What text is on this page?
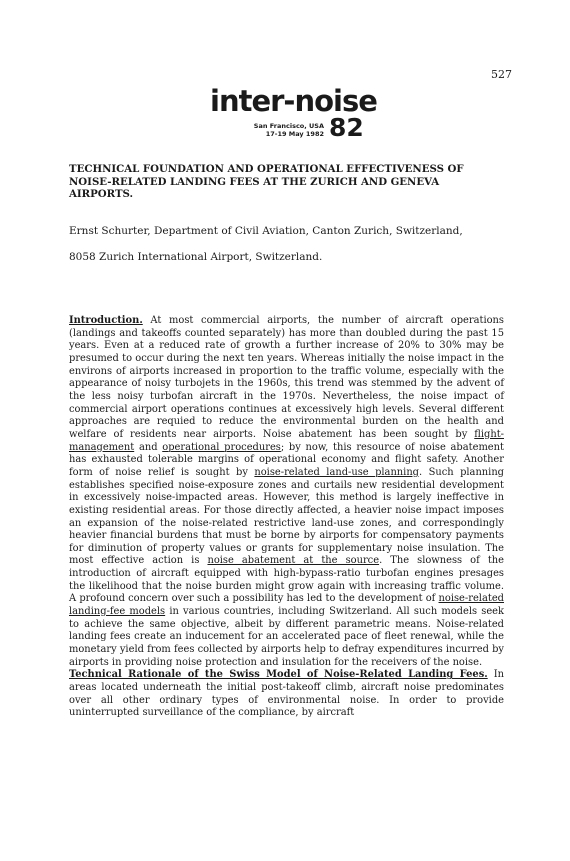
527
inter-noise
San Francisco, USA
17-19 May 1982 82
TECHNICAL FOUNDATION AND OPERATIONAL EFFECTIVENESS OF NOISE-RELATED LANDING FEES AT THE ZURICH AND GENEVA AIRPORTS.

Ernst Schurter, Department of Civil Aviation, Canton Zurich, Switzerland,

8058 Zurich International Airport, Switzerland.

Introduction. At most commercial airports, the number of aircraft operations (landings and takeoffs counted separately) has more than doubled during the past 15 years. Even at a reduced rate of growth a further increase of 20% to 30% may be presumed to occur during the next ten years. Whereas initially the noise impact in the environs of airports increased in proportion to the traffic volume, especially with the appearance of noisy turbojets in the 1960s, this trend was stemmed by the advent of the less noisy turbofan aircraft in the 1970s. Nevertheless, the noise impact of commercial airport operations continues at excessively high levels. Several different approaches are requied to reduce the environmental burden on the health and welfare of residents near airports. Noise abatement has been sought by flight-management and operational procedures; by now, this resource of noise abatement has exhausted tolerable margins of operational economy and flight safety. Another form of noise relief is sought by noise-related land-use planning. Such planning establishes specified noise-exposure zones and curtails new residential development in excessively noise-impacted areas. However, this method is largely ineffective in existing residential areas. For those directly affected, a heavier noise impact imposes an expansion of the noise-related restrictive land-use zones, and correspondingly heavier financial burdens that must be borne by airports for compensatory payments for diminution of property values or grants for supplementary noise insulation. The most effective action is noise abatement at the source. The slowness of the introduction of aircraft equipped with high-bypass-ratio turbofan engines presages the likelihood that the noise burden might grow again with increasing traffic volume. A profound concern over such a possibility has led to the development of noise-related landing-fee models in various countries, including Switzerland. All such models seek to achieve the same objective, albeit by different parametric means. Noise-related landing fees create an inducement for an accelerated pace of fleet renewal, while the monetary yield from fees collected by airports help to defray expenditures incurred by airports in providing noise protection and insulation for the receivers of the noise.

Technical Rationale of the Swiss Model of Noise-Related Landing Fees. In areas located underneath the initial post-takeoff climb, aircraft noise predominates over all other ordinary types of environmental noise. In order to provide uninterrupted surveillance of the compliance, by aircraft
